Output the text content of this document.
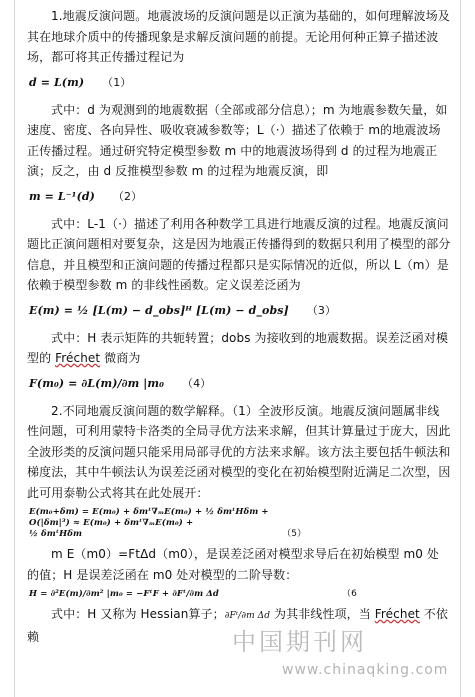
1.地震反演问题。地震波场的反演问题是以正演为基础的，如何理解波场及其在地球介质中的传播现象是求解反演问题的前提。无论用何种正算子描述波场，都可将其正传播过程记为

d = L(m) （1）

式中：d 为观测到的地震数据（全部或部分信息）；m 为地震参数矢量，如速度、密度、各向异性、吸收衰减参数等；L（·）描述了依赖于 m的地震波场正传播过程。通过研究特定模型参数 m 中的地震波场得到 d 的过程为地震正演；反之，由 d 反推模型参数 m 的过程为地震反演，即

m = L⁻¹(d) （2）

式中：L-1（·）描述了利用各种数学工具进行地震反演的过程。地震反演问题比正演问题相对要复杂，这是因为地震正传播得到的数据只利用了模型的部分信息，并且模型和正演问题的传播过程都只是实际情况的近似，所以 L（m）是依赖于模型参数 m 的非线性函数。定义误差泛函为

E(m) = ½ [L(m) − d_obs]ᴴ [L(m) − d_obs] （3）

式中：H 表示矩阵的共轭转置；dobs 为接收到的地震数据。误差泛函对模型的 Fréchet 微商为

F(m₀) = ∂L(m)/∂m |m₀ （4）

2.不同地震反演问题的数学解释。（1）全波形反演。地震反演问题属非线性问题，可利用蒙特卡洛类的全局寻优方法来求解，但其计算量过于庞大，因此全波形类的反演问题只能采用局部寻优的方法来求解。该方法主要包括牛顿法和梯度法，其中牛顿法认为误差泛函对模型的变化在初始模型附近满足二次型，因此可用泰勒公式将其在此处展开：

E(m₀+δm) = E(m₀) + δmᵗ∇ₘE(m₀) + ½ δmᵗHδm +
O(|δm|³) ≈ E(m₀) + δmᵗ∇ₘE(m₀) +
½ δmᵗHδm	（5）

m E（m0）=FtΔd（m0），是误差泛函对模型求导后在初始模型 m0 处的值；H 是误差泛函在 m0 处对模型的二阶导数：

H = ∂²E(m)/∂m² |m₀ = −FᵗF + ∂Fᵗ/∂m Δd	（6

式中：H 又称为 Hessian算子；∂Fᵗ/∂m Δd 为其非线性项，当 Fréchet 不依赖	中国期刊网
www.chinaqking.com
